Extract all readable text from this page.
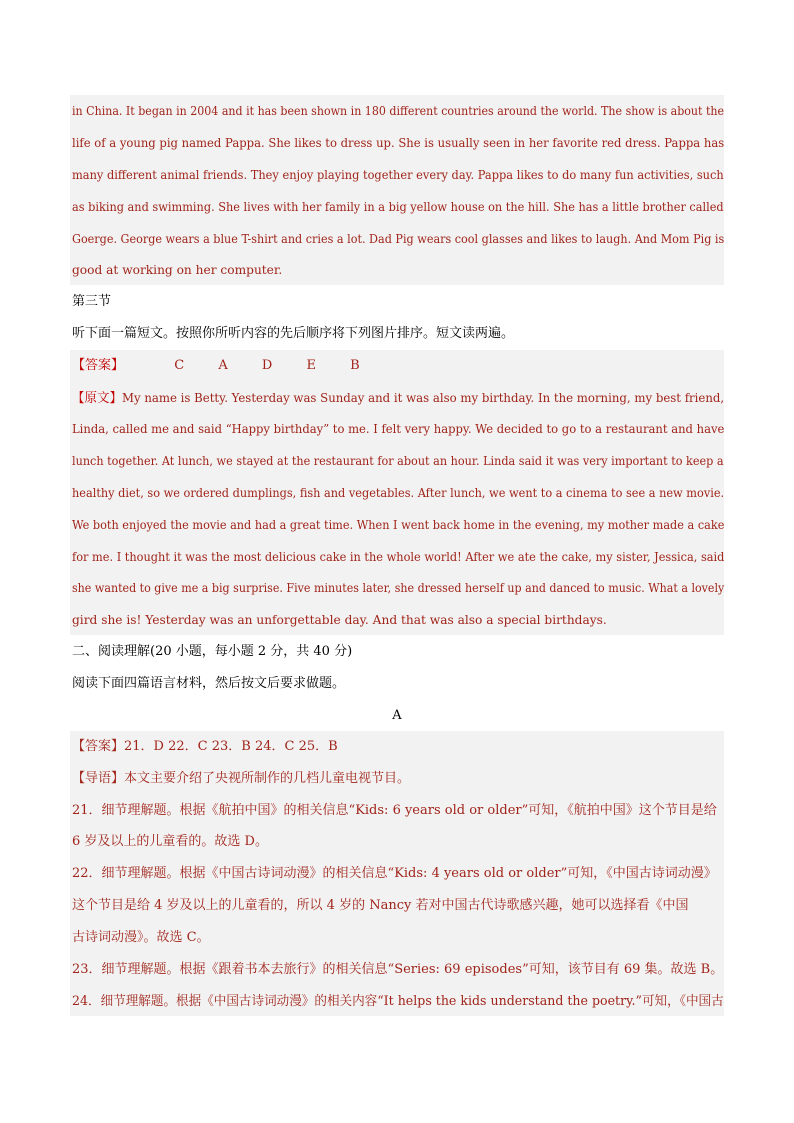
in China. It began in 2004 and it has been shown in 180 different countries around the world. The show is about the
life of a young pig named Pappa. She likes to dress up. She is usually seen in her favorite red dress. Pappa has
many different animal friends. They enjoy playing together every day. Pappa likes to do many fun activities, such
as biking and swimming. She lives with her family in a big yellow house on the hill. She has a little brother called
Goerge. George wears a blue T-shirt and cries a lot. Dad Pig wears cool glasses and likes to laugh. And Mom Pig is
good at working on her computer.
第三节
听下面一篇短文。按照你所听内容的先后顺序将下列图片排序。短文读两遍。
【答案】	C	A	D	E	B
【原文】My name is Betty. Yesterday was Sunday and it was also my birthday. In the morning, my best friend,
Linda, called me and said “Happy birthday” to me. I felt very happy. We decided to go to a restaurant and have
lunch together. At lunch, we stayed at the restaurant for about an hour. Linda said it was very important to keep a
healthy diet, so we ordered dumplings, fish and vegetables. After lunch, we went to a cinema to see a new movie.
We both enjoyed the movie and had a great time. When I went back home in the evening, my mother made a cake
for me. I thought it was the most delicious cake in the whole world! After we ate the cake, my sister, Jessica, said
she wanted to give me a big surprise. Five minutes later, she dressed herself up and danced to music. What a lovely
gird she is! Yesterday was an unforgettable day. And that was also a special birthdays.
二、阅读理解(20 小题，每小题 2 分，共 40 分)
阅读下面四篇语言材料，然后按文后要求做题。
A
【答案】21．D 22．C 23．B 24．C 25．B
【导语】本文主要介绍了央视所制作的几档儿童电视节目。
21．细节理解题。根据《航拍中国》的相关信息“Kids: 6 years old or older”可知，《航拍中国》这个节目是给
6 岁及以上的儿童看的。故选 D。
22．细节理解题。根据《中国古诗词动漫》的相关信息“Kids: 4 years old or older”可知，《中国古诗词动漫》
这个节目是给 4 岁及以上的儿童看的，所以 4 岁的 Nancy 若对中国古代诗歌感兴趣，她可以选择看《中国
古诗词动漫》。故选 C。
23．细节理解题。根据《跟着书本去旅行》的相关信息“Series: 69 episodes”可知，该节目有 69 集。故选 B。
24．细节理解题。根据《中国古诗词动漫》的相关内容“It helps the kids understand the poetry.”可知，《中国古
